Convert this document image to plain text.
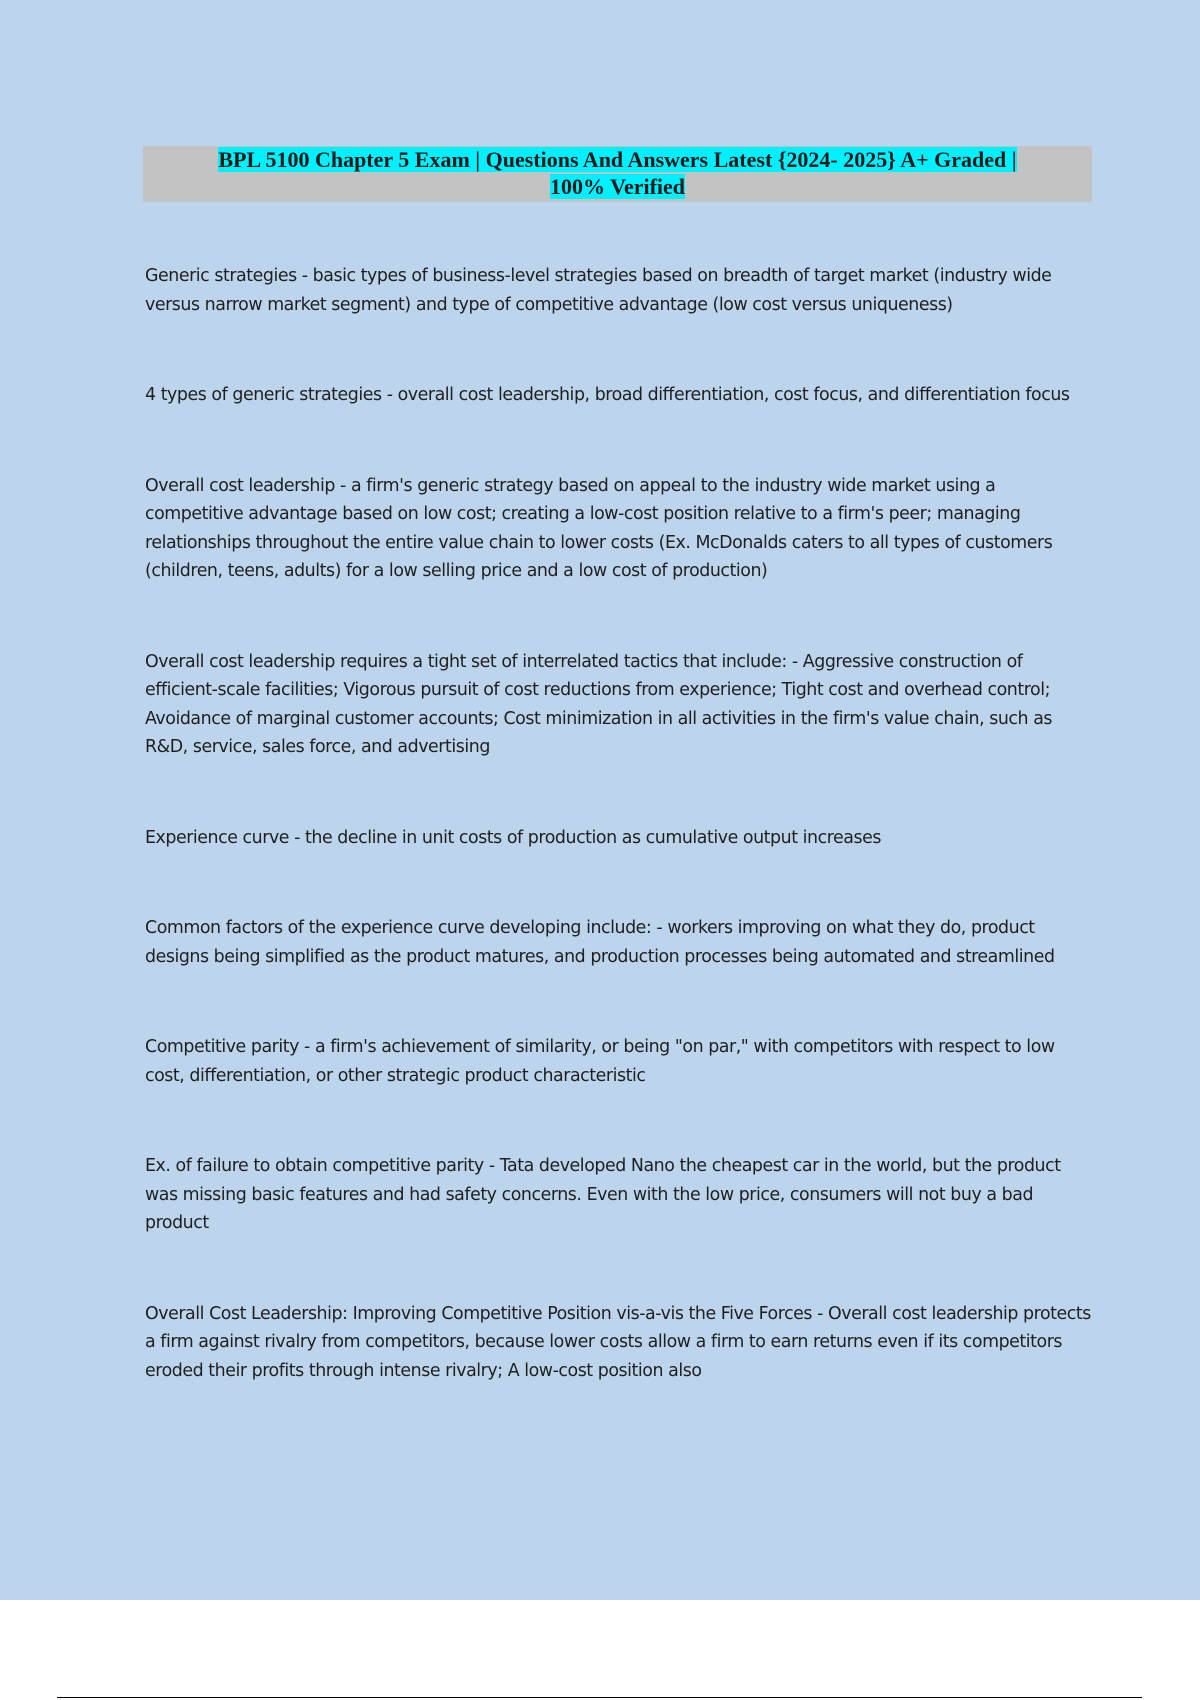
BPL 5100 Chapter 5 Exam | Questions And Answers Latest {2024- 2025} A+ Graded |
100% Verified

Generic strategies - basic types of business-level strategies based on breadth of target market (industry wide versus narrow market segment) and type of competitive advantage (low cost versus uniqueness)

4 types of generic strategies - overall cost leadership, broad differentiation, cost focus, and differentiation focus

Overall cost leadership - a firm's generic strategy based on appeal to the industry wide market using a competitive advantage based on low cost; creating a low-cost position relative to a firm's peer; managing relationships throughout the entire value chain to lower costs (Ex. McDonalds caters to all types of customers (children, teens, adults) for a low selling price and a low cost of production)

Overall cost leadership requires a tight set of interrelated tactics that include: - Aggressive construction of efficient-scale facilities; Vigorous pursuit of cost reductions from experience; Tight cost and overhead control; Avoidance of marginal customer accounts; Cost minimization in all activities in the firm's value chain, such as R&D, service, sales force, and advertising

Experience curve - the decline in unit costs of production as cumulative output increases

Common factors of the experience curve developing include: - workers improving on what they do, product designs being simplified as the product matures, and production processes being automated and streamlined

Competitive parity - a firm's achievement of similarity, or being "on par," with competitors with respect to low cost, differentiation, or other strategic product characteristic

Ex. of failure to obtain competitive parity - Tata developed Nano the cheapest car in the world, but the product was missing basic features and had safety concerns. Even with the low price, consumers will not buy a bad product

Overall Cost Leadership: Improving Competitive Position vis-a-vis the Five Forces - Overall cost leadership protects a firm against rivalry from competitors, because lower costs allow a firm to earn returns even if its competitors eroded their profits through intense rivalry; A low-cost position also
